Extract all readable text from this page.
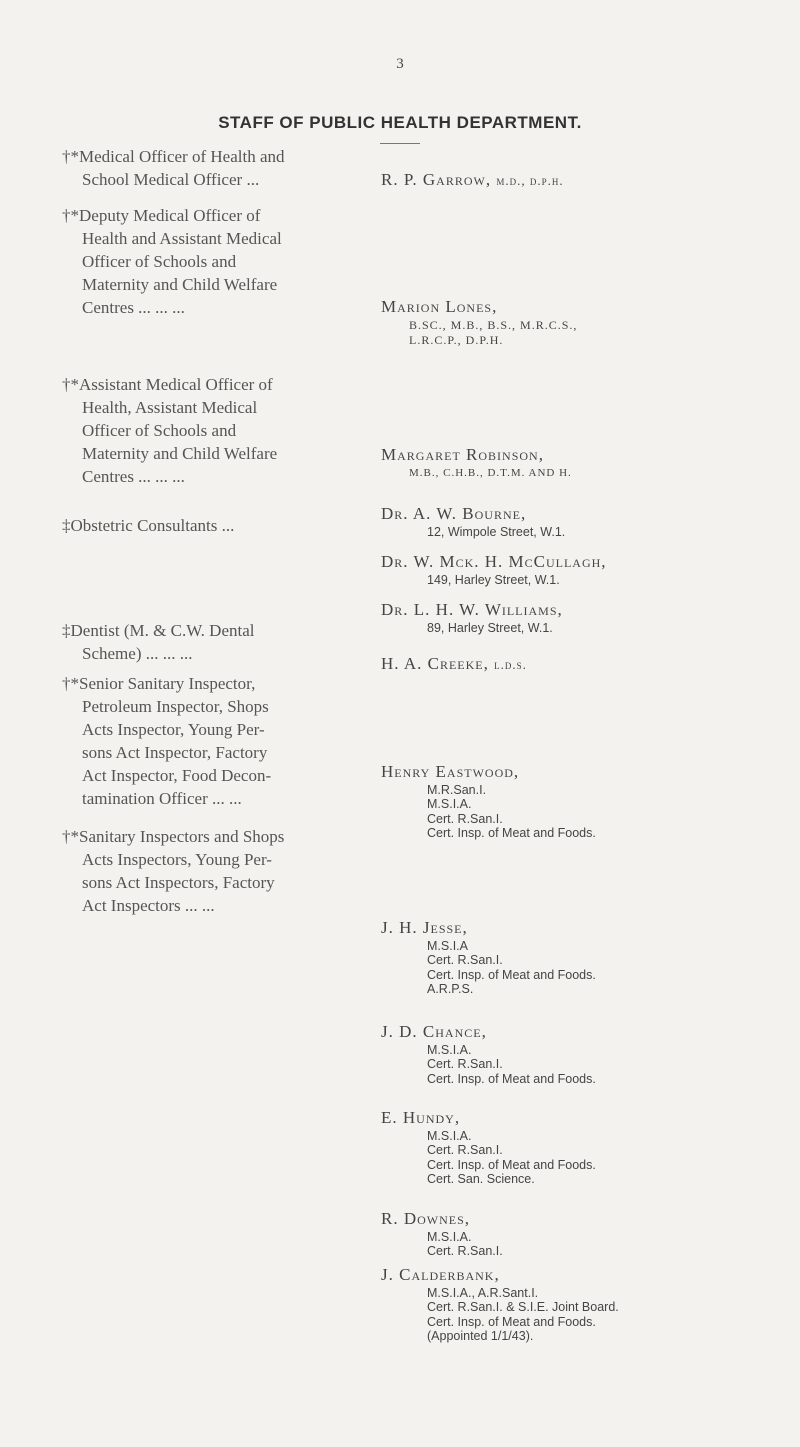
3
STAFF OF PUBLIC HEALTH DEPARTMENT.
†*Medical Officer of Health and
School Medical Officer ...
†*Deputy Medical Officer of
Health and Assistant Medical
Officer of Schools and
Maternity and Child Welfare
Centres ... ... ...
†*Assistant Medical Officer of
Health, Assistant Medical
Officer of Schools and
Maternity and Child Welfare
Centres ... ... ...
‡Obstetric Consultants ...
‡Dentist (M. & C.W. Dental
Scheme) ... ... ...
†*Senior Sanitary Inspector,
Petroleum Inspector, Shops
Acts Inspector, Young Per-
sons Act Inspector, Factory
Act Inspector, Food Decon-
tamination Officer ... ...
†*Sanitary Inspectors and Shops
Acts Inspectors, Young Per-
sons Act Inspectors, Factory
Act Inspectors ... ...
R. P. Garrow, m.d., d.p.h.
Marion Lones,
B.SC., M.B., B.S., M.R.C.S.,
L.R.C.P., D.P.H.
Margaret Robinson,
M.B., C.H.B., D.T.M. AND H.
Dr. A. W. Bourne,
12, Wimpole Street, W.1.
Dr. W. Mck. H. McCullagh,
149, Harley Street, W.1.
Dr. L. H. W. Williams,
89, Harley Street, W.1.
H. A. Creeke, l.d.s.
Henry Eastwood,
M.R.San.I.
M.S.I.A.
Cert. R.San.I.
Cert. Insp. of Meat and Foods.
J. H. Jesse,
M.S.I.A
Cert. R.San.I.
Cert. Insp. of Meat and Foods.
A.R.P.S.
J. D. Chance,
M.S.I.A.
Cert. R.San.I.
Cert. Insp. of Meat and Foods.
E. Hundy,
M.S.I.A.
Cert. R.San.I.
Cert. Insp. of Meat and Foods.
Cert. San. Science.
R. Downes,
M.S.I.A.
Cert. R.San.I.
J. Calderbank,
M.S.I.A., A.R.Sant.I.
Cert. R.San.I. & S.I.E. Joint Board.
Cert. Insp. of Meat and Foods.
(Appointed 1/1/43).
